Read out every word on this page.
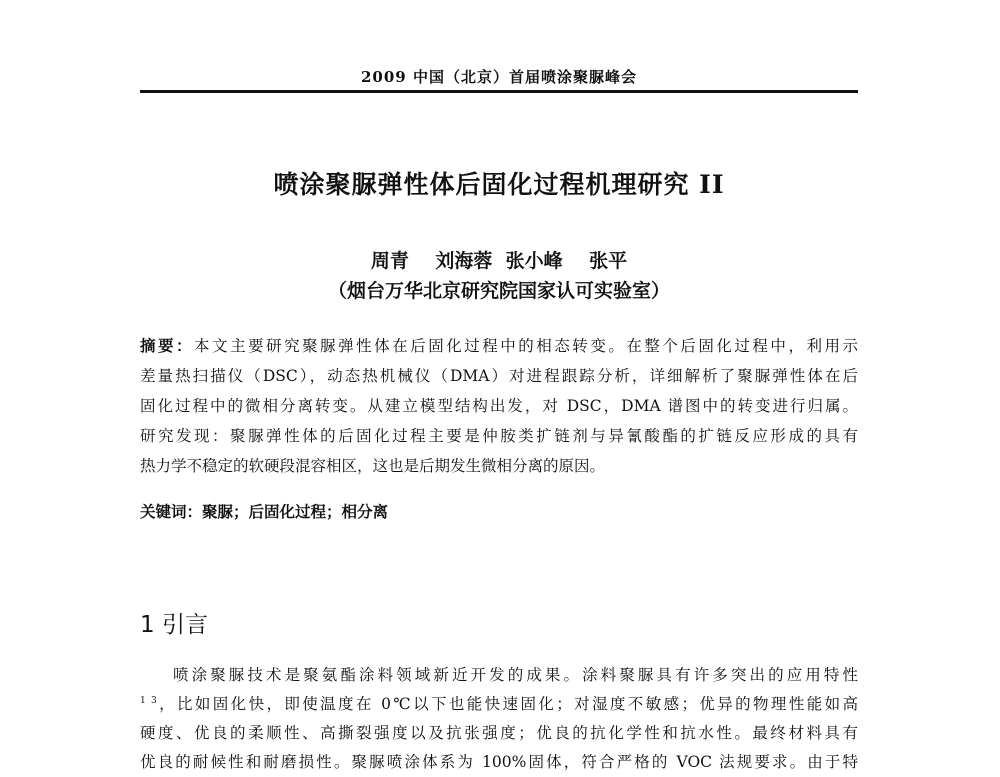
2009 中国（北京）首届喷涂聚脲峰会
喷涂聚脲弹性体后固化过程机理研究 II
周青    刘海蓉  张小峰    张平
（烟台万华北京研究院国家认可实验室）
摘要：本文主要研究聚脲弹性体在后固化过程中的相态转变。在整个后固化过程中，利用示
差量热扫描仪（DSC），动态热机械仪（DMA）对进程跟踪分析，详细解析了聚脲弹性体在后
固化过程中的微相分离转变。从建立模型结构出发，对 DSC，DMA 谱图中的转变进行归属。
研究发现：聚脲弹性体的后固化过程主要是仲胺类扩链剂与异氰酸酯的扩链反应形成的具有
热力学不稳定的软硬段混容相区，这也是后期发生微相分离的原因。
关键词：聚脲；后固化过程；相分离
1 引言
喷涂聚脲技术是聚氨酯涂料领域新近开发的成果。涂料聚脲具有许多突出的应用特性
$^{1 3}$，比如固化快，即使温度在 0℃以下也能快速固化；对湿度不敏感；优异的物理性能如高
硬度、优良的柔顺性、高撕裂强度以及抗张强度；优良的抗化学性和抗水性。最终材料具有
优良的耐候性和耐磨损性。聚脲喷涂体系为 100%固体，符合严格的 VOC 法规要求。由于特
